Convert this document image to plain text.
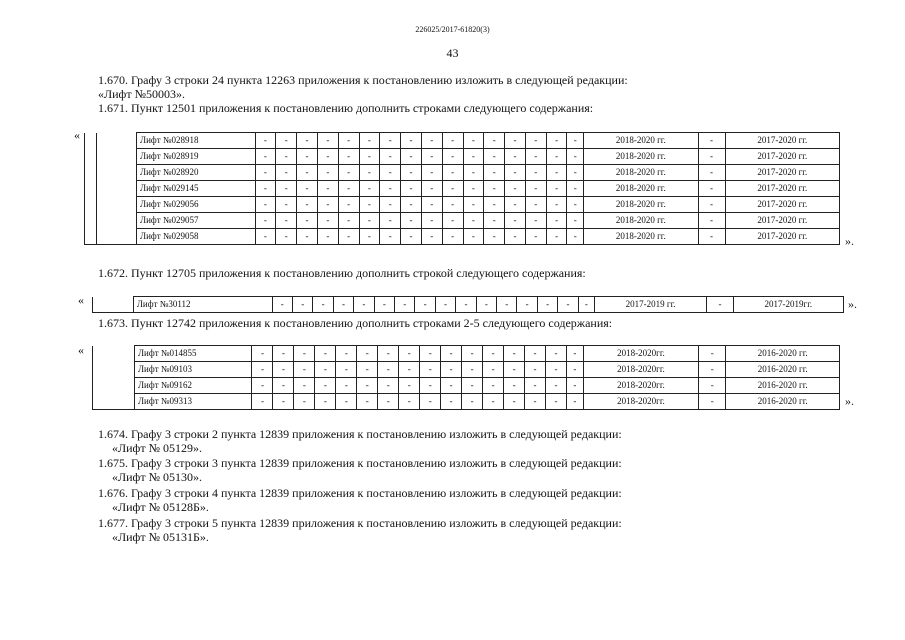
226025/2017-61820(3)
43
1.670. Графу 3 строки 24 пункта 12263 приложения к постановлению изложить в следующей редакции:
«Лифт №50003».
1.671. Пункт 12501 приложения к постановлению дополнить строками следующего содержания:
«
			Лифт №028918	-	-	-	-	-	-	-	-	-	-	-	-	-	-	-	-	2018-2020 гг.	-	2017-2020 гг.
		Лифт №028919	-	-	-	-	-	-	-	-	-	-	-	-	-	-	-	-	2018-2020 гг.	-	2017-2020 гг.
		Лифт №028920	-	-	-	-	-	-	-	-	-	-	-	-	-	-	-	-	2018-2020 гг.	-	2017-2020 гг.
		Лифт №029145	-	-	-	-	-	-	-	-	-	-	-	-	-	-	-	-	2018-2020 гг.	-	2017-2020 гг.
		Лифт №029056	-	-	-	-	-	-	-	-	-	-	-	-	-	-	-	-	2018-2020 гг.	-	2017-2020 гг.
		Лифт №029057	-	-	-	-	-	-	-	-	-	-	-	-	-	-	-	-	2018-2020 гг.	-	2017-2020 гг.
		Лифт №029058	-	-	-	-	-	-	-	-	-	-	-	-	-	-	-	-	2018-2020 гг.	-	2017-2020 гг.	».
1.672. Пункт 12705 приложения к постановлению дополнить строкой следующего содержания:
«
		Лифт №30112	-	-	-	-	-	-	-	-	-	-	-	-	-	-	-	-	2017-2019 гг.	-	2017-2019гг.	».
1.673. Пункт 12742 приложения к постановлению дополнить строками 2-5 следующего содержания:
«
		Лифт №014855	-	-	-	-	-	-	-	-	-	-	-	-	-	-	-	-	2018-2020гг.	-	2016-2020 гг.
	Лифт №09103	-	-	-	-	-	-	-	-	-	-	-	-	-	-	-	-	2018-2020гг.	-	2016-2020 гг.
	Лифт №09162	-	-	-	-	-	-	-	-	-	-	-	-	-	-	-	-	2018-2020гг.	-	2016-2020 гг.
	Лифт №09313	-	-	-	-	-	-	-	-	-	-	-	-	-	-	-	-	2018-2020гг.	-	2016-2020 гг.	».
1.674. Графу 3 строки 2 пункта 12839 приложения к постановлению изложить в следующей редакции:
«Лифт № 05129».
1.675. Графу 3 строки 3 пункта 12839 приложения к постановлению изложить в следующей редакции:
«Лифт № 05130».
1.676. Графу 3 строки 4 пункта 12839 приложения к постановлению изложить в следующей редакции:
«Лифт № 05128Б».
1.677. Графу 3 строки 5 пункта 12839 приложения к постановлению изложить в следующей редакции:
«Лифт № 05131Б».
